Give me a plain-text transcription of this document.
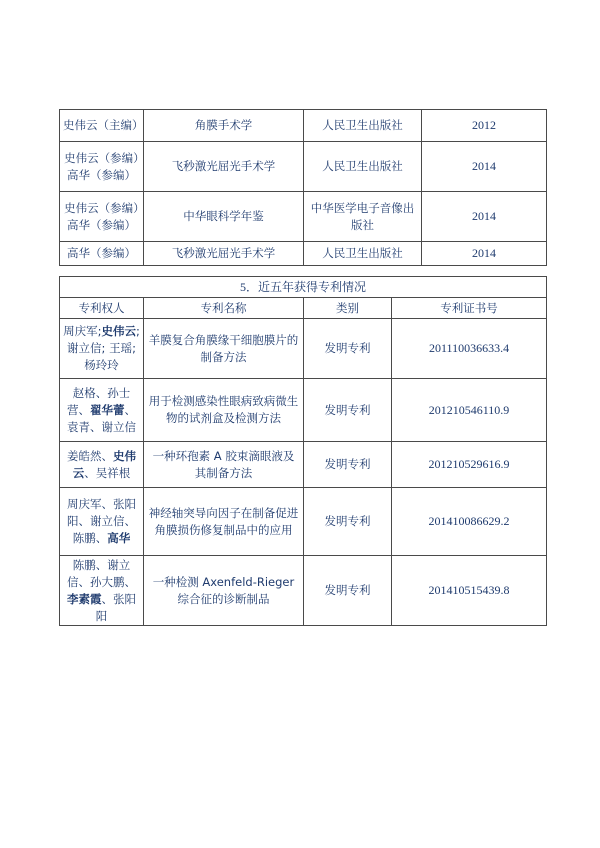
史伟云（主编）	角膜手术学	人民卫生出版社	2012
史伟云（参编）高华（参编）	飞秒激光屈光手术学	人民卫生出版社	2014
史伟云（参编）高华（参编）	中华眼科学年鉴	中华医学电子音像出版社	2014
高华（参编）	飞秒激光屈光手术学	人民卫生出版社	2014
5．近五年获得专利情况			
专利权人	专利名称	类别	专利证书号
周庆军;史伟云;谢立信; 王瑶;杨玲玲	羊膜复合角膜缘干细胞膜片的制备方法	发明专利	201110036633.4
赵格、孙士营、翟华蕾、袁青、谢立信	用于检测感染性眼病致病微生物的试剂盒及检测方法	发明专利	201210546110.9
姜皓然、史伟云、吴祥根	一种环孢素 A 胶束滴眼液及其制备方法	发明专利	201210529616.9
周庆军、张阳阳、谢立信、陈鹏、高华	神经轴突导向因子在制备促进角膜损伤修复制品中的应用	发明专利	201410086629.2
陈鹏、谢立信、孙大鹏、李素霞、张阳阳	一种检测 Axenfeld-Rieger 综合征的诊断制品	发明专利	201410515439.8
